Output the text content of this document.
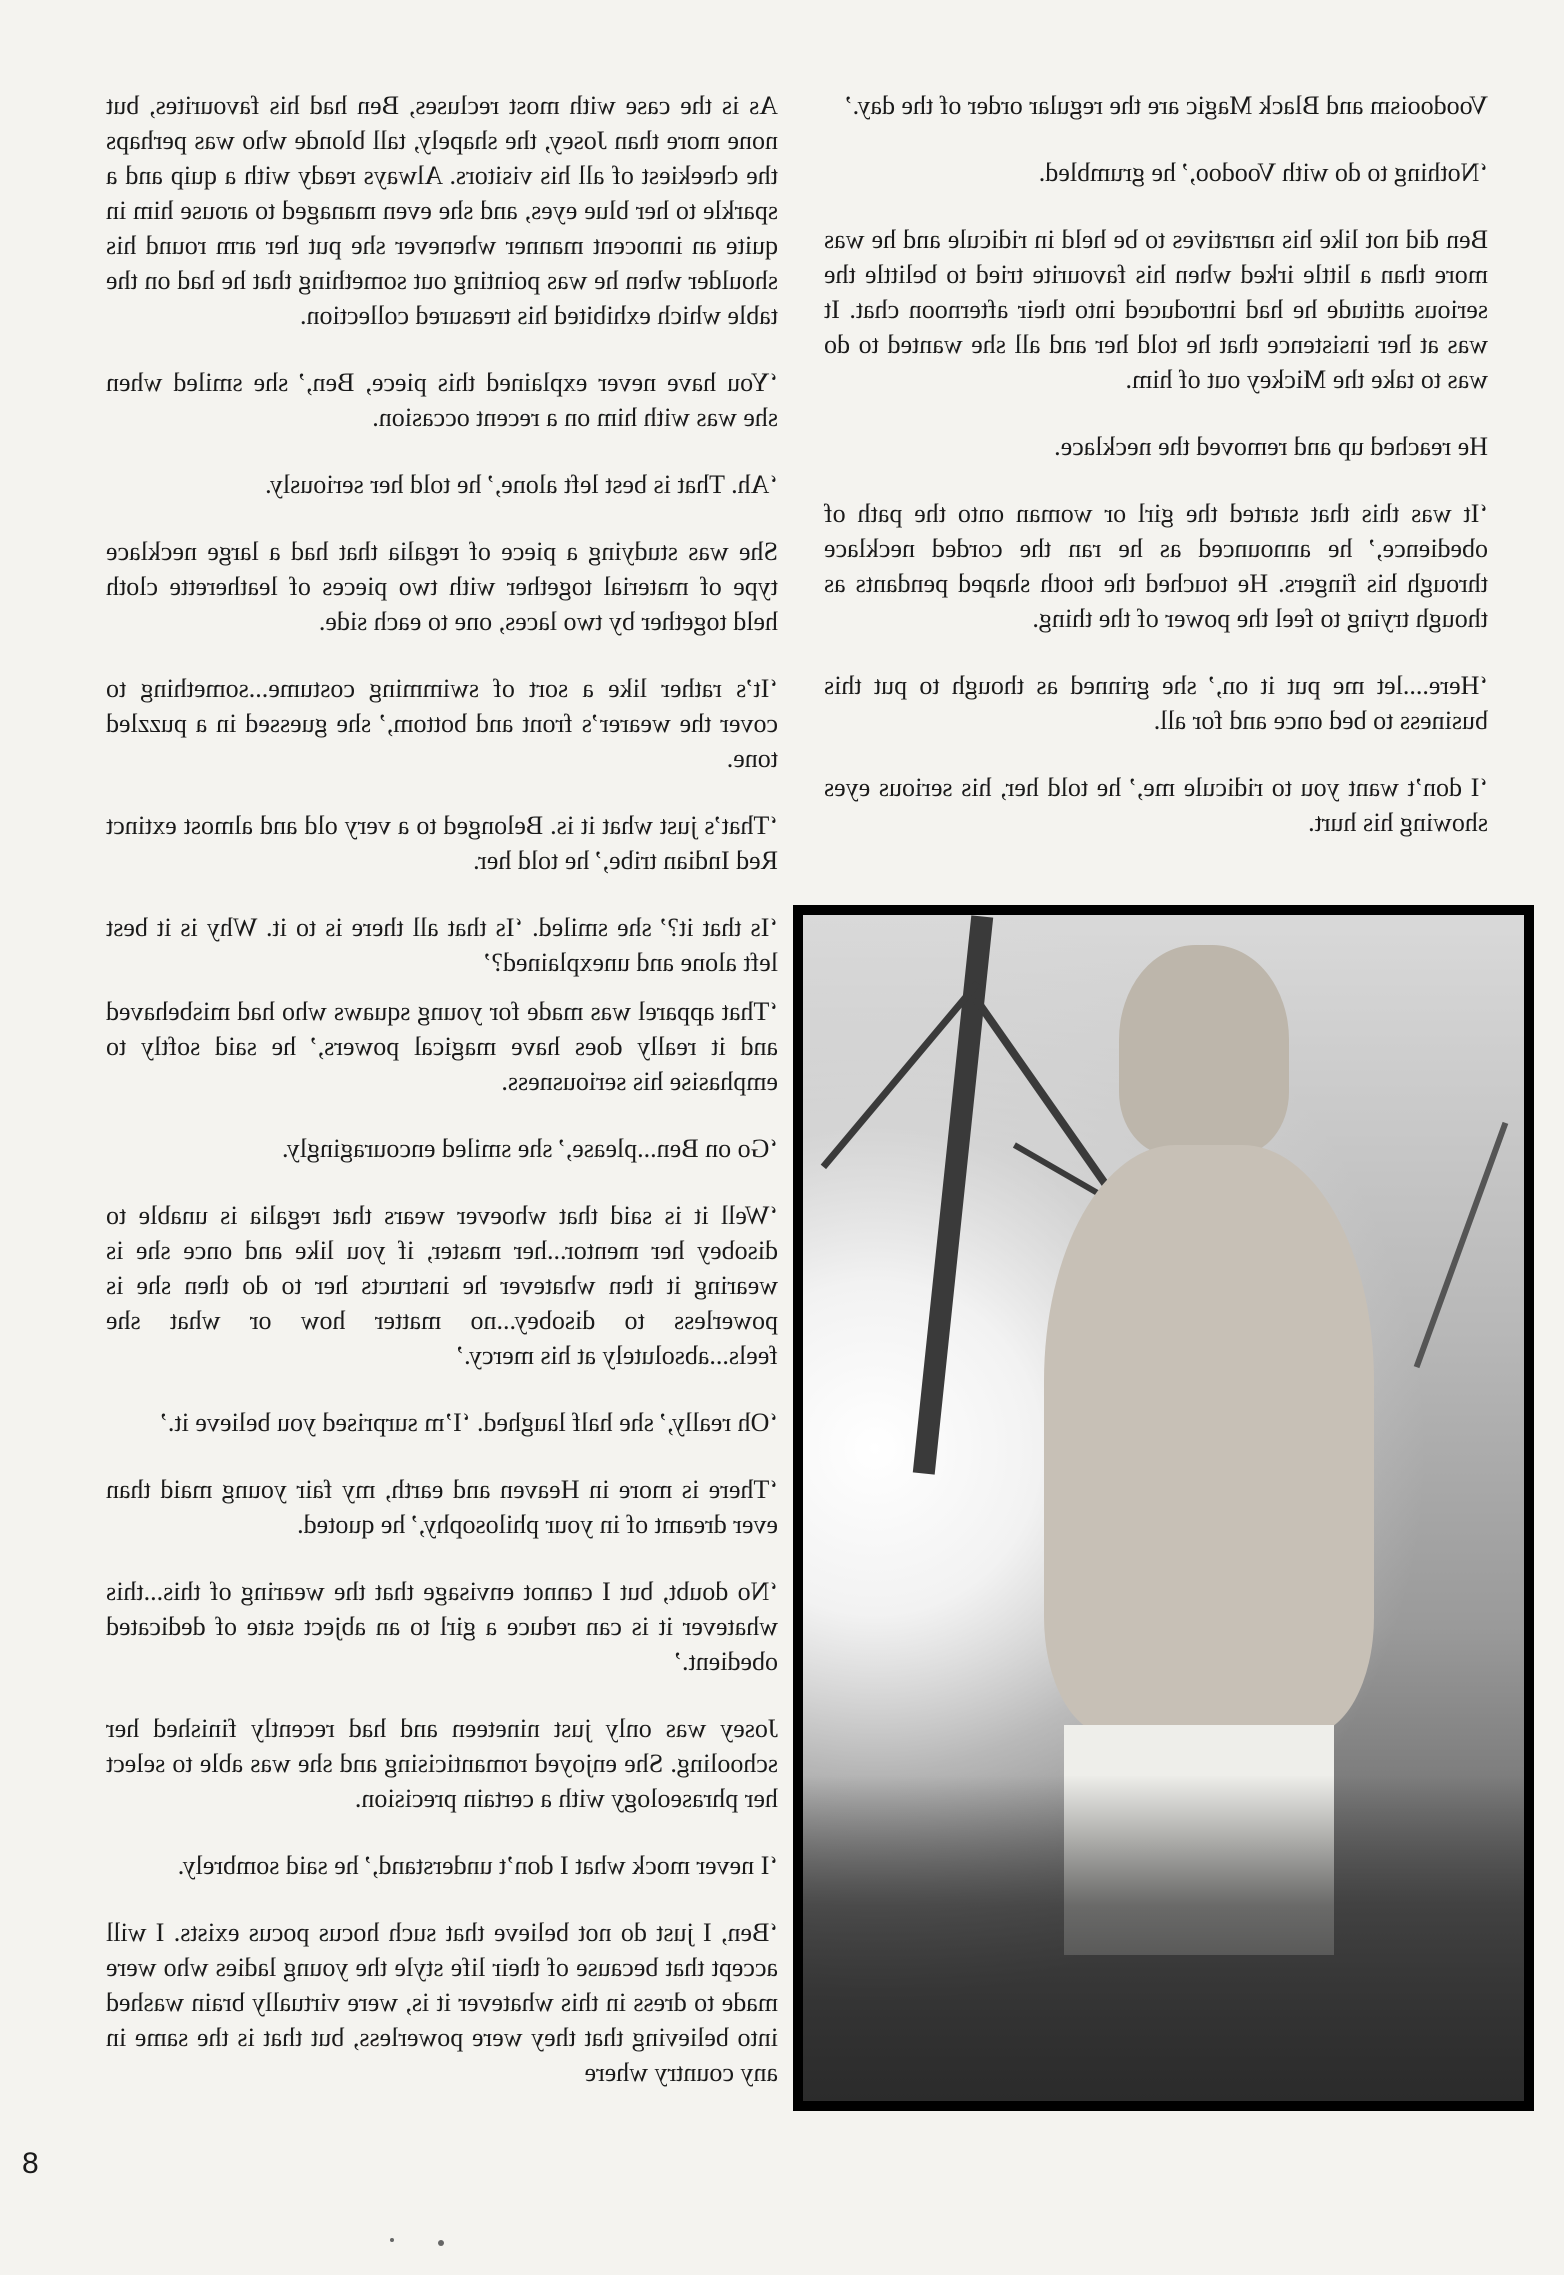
As is the case with most recluses, Ben had his favourites, but none more than Josey, the shapely, tall blonde who was perhaps the cheekiest of all his visitors. Always ready with a quip and a sparkle to her blue eyes, and she even managed to arouse him in quite an innocent manner whenever she put her arm round his shoulder when he was pointing out something that he had on the table which exhibited his treasured collection.

‘You have never explained this piece, Ben,’ she smiled when she was with him on a recent occasion.

‘Ah. That is best left alone,’ he told her seriously.

She was studying a piece of regalia that had a large necklace type of material together with two pieces of leatherette cloth held together by two laces, one to each side.

‘It’s rather like a sort of swimming costume...something to cover the wearer’s front and bottom,’ she guessed in a puzzled tone.

‘That’s just what it is. Belonged to a very old and almost extinct Red Indian tribe,’ he told her.

‘Is that it?’ she smiled. ‘Is that all there is to it. Why is it best left alone and unexplained?’

‘That apparel was made for young squaws who had misbehaved and it really does have magical powers,’ he said softly to emphasise his seriousness.

‘Go on Ben...please,’ she smiled encouragingly.

‘Well it is said that whoever wears that regalia is unable to disobey her mentor...her master, if you like and once she is wearing it then whatever he instructs her to do then she is powerless to disobey...no matter how or what she feels...absolutely at his mercy.’

‘Oh really,’ she half laughed. ‘I’m surprised you believe it.’

‘There is more in Heaven and earth, my fair young maid than ever dreamt of in your philosophy,’ he quoted.

‘No doubt, but I cannot envisage that the wearing of this...this whatever it is can reduce a girl to an abject state of dedicated obedient.’

Josey was only just nineteen and had recently finished her schooling. She enjoyed romanticising and she was able to select her phraseology with a certain precision.

‘I never mock what I don’t understand,’ he said sombrely.

‘Ben, I just do not believe that such hocus pocus exists. I will accept that because of their life style the young ladies who were made to dress in this whatever it is, were virtually brain washed into believing that they were powerless, but that is the same in any country where

Voodooism and Black Magic are the regular order of the day.’

‘Nothing to do with Voodoo,’ he grumbled.

Ben did not like his narratives to be held in ridicule and he was more than a little irked when his favourite tried to belittle the serious attitude he had introduced into their afternoon chat. It was at her insistence that he told her and all she wanted to do was to take the Mickey out of him.

He reached up and removed the necklace.

‘It was this that started the girl or woman onto the path of obedience,’ he announced as he ran the corded necklace through his fingers. He touched the tooth shaped pendants as though trying to feel the power of the thing.

‘Here....let me put it on,’ she grinned as though to put this business to bed once and for all.

‘I don’t want you to ridicule me,’ he told her, his serious eyes showing his hurt.

8
